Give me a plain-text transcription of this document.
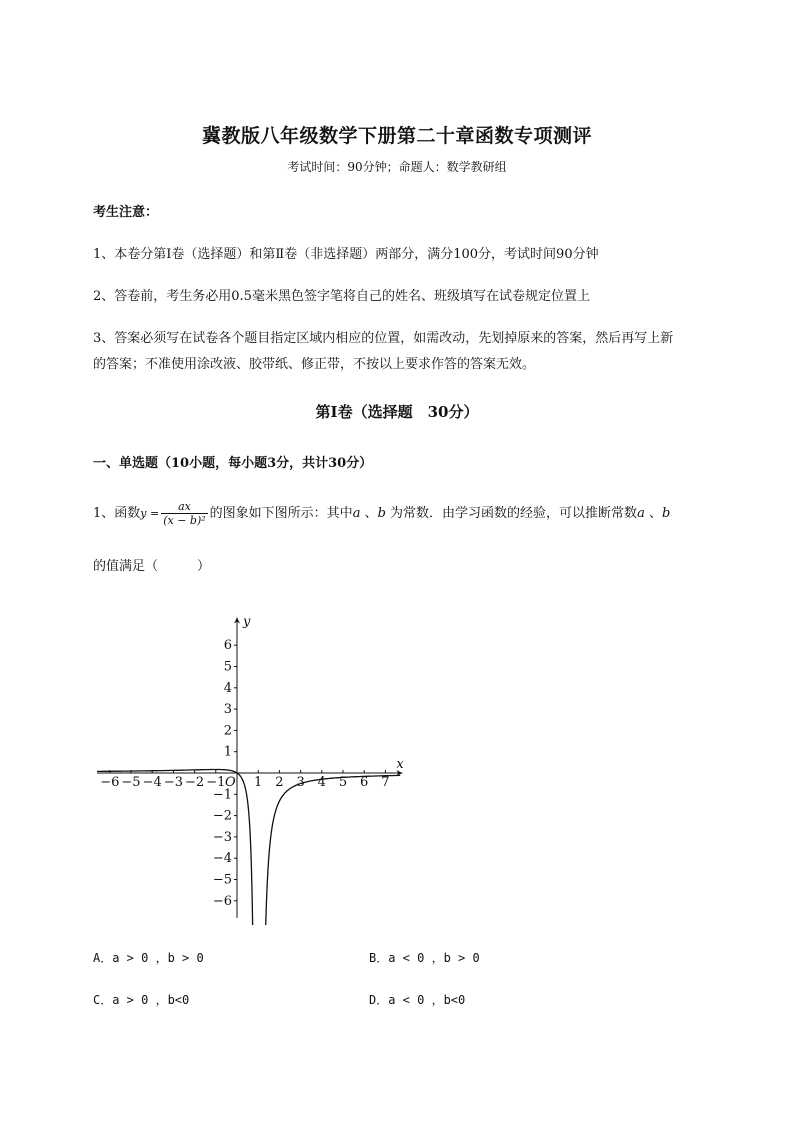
冀教版八年级数学下册第二十章函数专项测评
考试时间：90分钟；命题人：数学教研组
考生注意：
1、本卷分第I卷（选择题）和第Ⅱ卷（非选择题）两部分，满分100分，考试时间90分钟
2、答卷前，考生务必用0.5毫米黑色签字笔将自己的姓名、班级填写在试卷规定位置上
3、答案必须写在试卷各个题目指定区域内相应的位置，如需改动，先划掉原来的答案，然后再写上新
的答案；不准使用涂改液、胶带纸、修正带，不按以上要求作答的答案无效。
第I卷（选择题　30分）
一、单选题（10小题，每小题3分，共计30分）
1、函数$y = \frac{ax}{\text{(x − b)²}}$ 的图象如下图所示：其中a 、b 为常数．由学习函数的经验，可以推断常数a 、b
的值满足（　　　）
x
y
O
−6 −5 −4 −3 −2 −1 1 2 3 4 5 6 7
−6
−5
−4
−3
−2
−1
1
2
3
4
5
6
A．a > 0 ，b > 0	B．a < 0 ，b > 0
C．a > 0 ，b<0	D．a < 0 ，b<0
